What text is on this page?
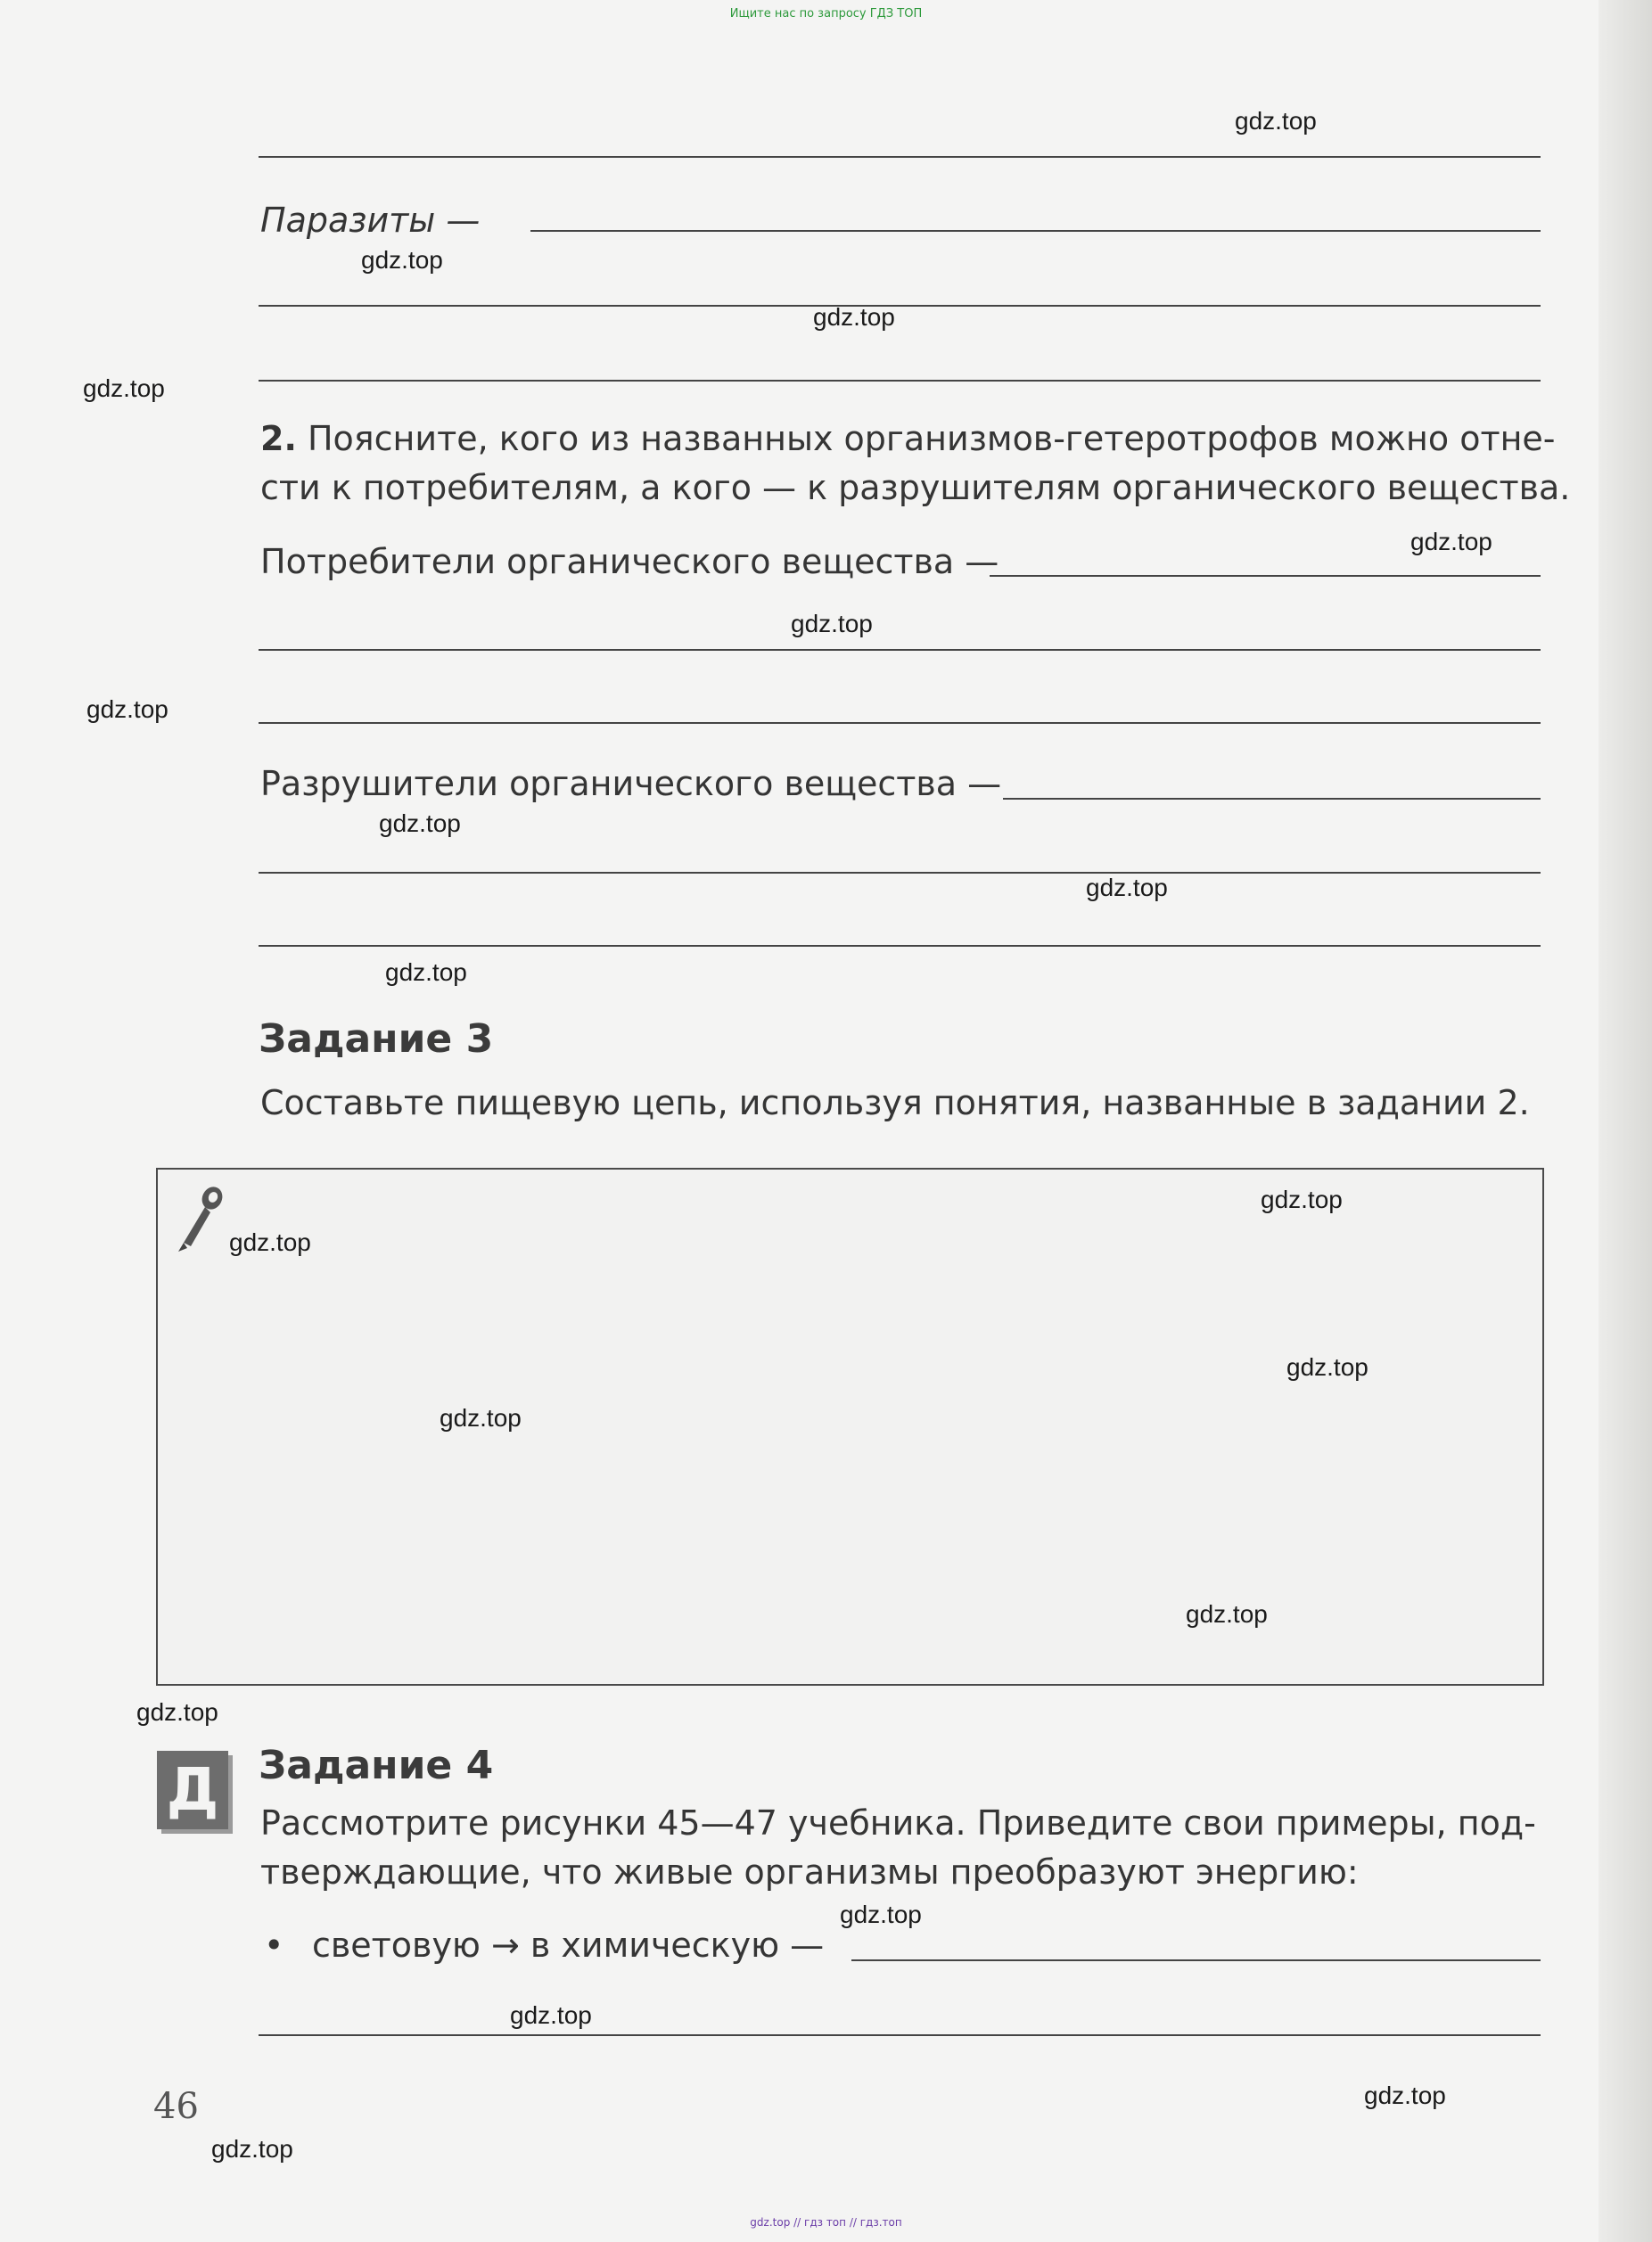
Ищите нас по запросу ГДЗ ТОП
Паразиты —
2. Поясните, кого из названных организмов-гетеротрофов можно отне-
сти к потребителям, а кого — к разрушителям органического вещества.
Потребители органического вещества —
Разрушители органического вещества —
Задание 3
Составьте пищевую цепь, используя понятия, названные в задании 2.
Д Задание 4
Рассмотрите рисунки 45—47 учебника. Приведите свои примеры, под-
тверждающие, что живые организмы преобразуют энергию:
• световую → в химическую —
46
gdz.top
gdz.top
gdz.top
gdz.top
gdz.top
gdz.top
gdz.top
gdz.top
gdz.top
gdz.top
gdz.top
gdz.top
gdz.top
gdz.top
gdz.top
gdz.top
gdz.top
gdz.top
gdz.top
gdz.top
gdz.top // гдз топ // гдз.топ
